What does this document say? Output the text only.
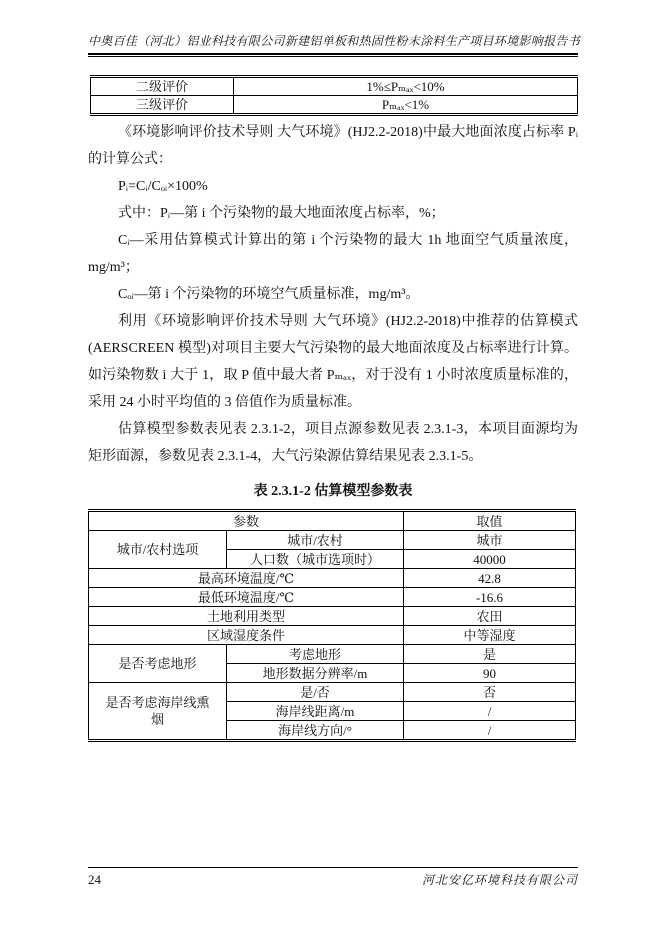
中奥百佳（河北）铝业科技有限公司新建铝单板和热固性粉末涂料生产项目环境影响报告书
二级评价	1%≤Pₘₐₓ<10%
三级评价	Pₘₐₓ<1%

《环境影响评价技术导则 大气环境》(HJ2.2-2018)中最大地面浓度占标率 Pᵢ 的计算公式：

Pᵢ=Cᵢ/Cₒᵢ×100%

式中：Pᵢ—第 i 个污染物的最大地面浓度占标率，%；

Cᵢ—采用估算模式计算出的第 i 个污染物的最大 1h 地面空气质量浓度，mg/m³；

Cₒᵢ—第 i 个污染物的环境空气质量标准，mg/m³。

利用《环境影响评价技术导则 大气环境》(HJ2.2-2018)中推荐的估算模式(AERSCREEN 模型)对项目主要大气污染物的最大地面浓度及占标率进行计算。如污染物数 i 大于 1，取 P 值中最大者 Pₘₐₓ，对于没有 1 小时浓度质量标准的，采用 24 小时平均值的 3 倍值作为质量标准。

估算模型参数表见表 2.3.1-2，项目点源参数见表 2.3.1-3，本项目面源均为矩形面源，参数见表 2.3.1-4，大气污染源估算结果见表 2.3.1-5。

表 2.3.1-2 估算模型参数表
参数		取值
城市/农村选项	城市/农村	城市
	人口数（城市选项时）	40000
最高环境温度/℃		42.8
最低环境温度/℃		-16.6
土地利用类型		农田
区域湿度条件		中等湿度
是否考虑地形	考虑地形	是
	地形数据分辨率/m	90
是否考虑海岸线熏烟	是/否	否
	海岸线距离/m	/
	海岸线方向/°	/
24	河北安亿环境科技有限公司
